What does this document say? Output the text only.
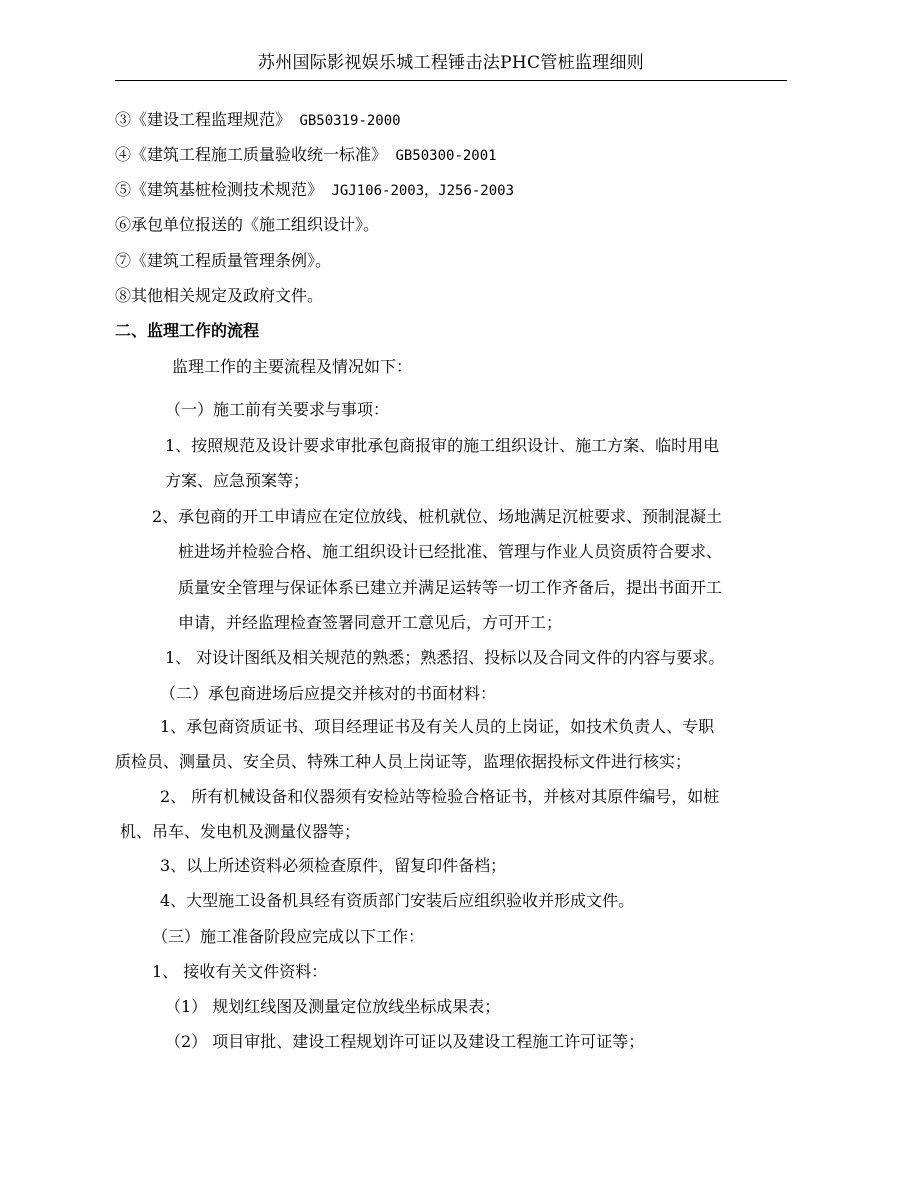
苏州国际影视娱乐城工程锤击法PHC管桩监理细则
③《建设工程监理规范》 GB50319-2000
④《建筑工程施工质量验收统一标准》 GB50300-2001
⑤《建筑基桩检测技术规范》 JGJ106-2003，J256-2003
⑥承包单位报送的《施工组织设计》。
⑦《建筑工程质量管理条例》。
⑧其他相关规定及政府文件。
二、监理工作的流程
监理工作的主要流程及情况如下：
（一）施工前有关要求与事项：
1、按照规范及设计要求审批承包商报审的施工组织设计、施工方案、临时用电
方案、应急预案等；
2、承包商的开工申请应在定位放线、桩机就位、场地满足沉桩要求、预制混凝土
桩进场并检验合格、施工组织设计已经批准、管理与作业人员资质符合要求、
质量安全管理与保证体系已建立并满足运转等一切工作齐备后，提出书面开工
申请，并经监理检查签署同意开工意见后，方可开工；
1、 对设计图纸及相关规范的熟悉；熟悉招、投标以及合同文件的内容与要求。
（二）承包商进场后应提交并核对的书面材料：
1、承包商资质证书、项目经理证书及有关人员的上岗证，如技术负责人、专职
质检员、测量员、安全员、特殊工种人员上岗证等，监理依据投标文件进行核实；
2、 所有机械设备和仪器须有安检站等检验合格证书，并核对其原件编号，如桩
机、吊车、发电机及测量仪器等；
3、以上所述资料必须检查原件，留复印件备档；
4、大型施工设备机具经有资质部门安装后应组织验收并形成文件。
（三）施工准备阶段应完成以下工作：
1、 接收有关文件资料：
（1） 规划红线图及测量定位放线坐标成果表；
（2） 项目审批、建设工程规划许可证以及建设工程施工许可证等；
